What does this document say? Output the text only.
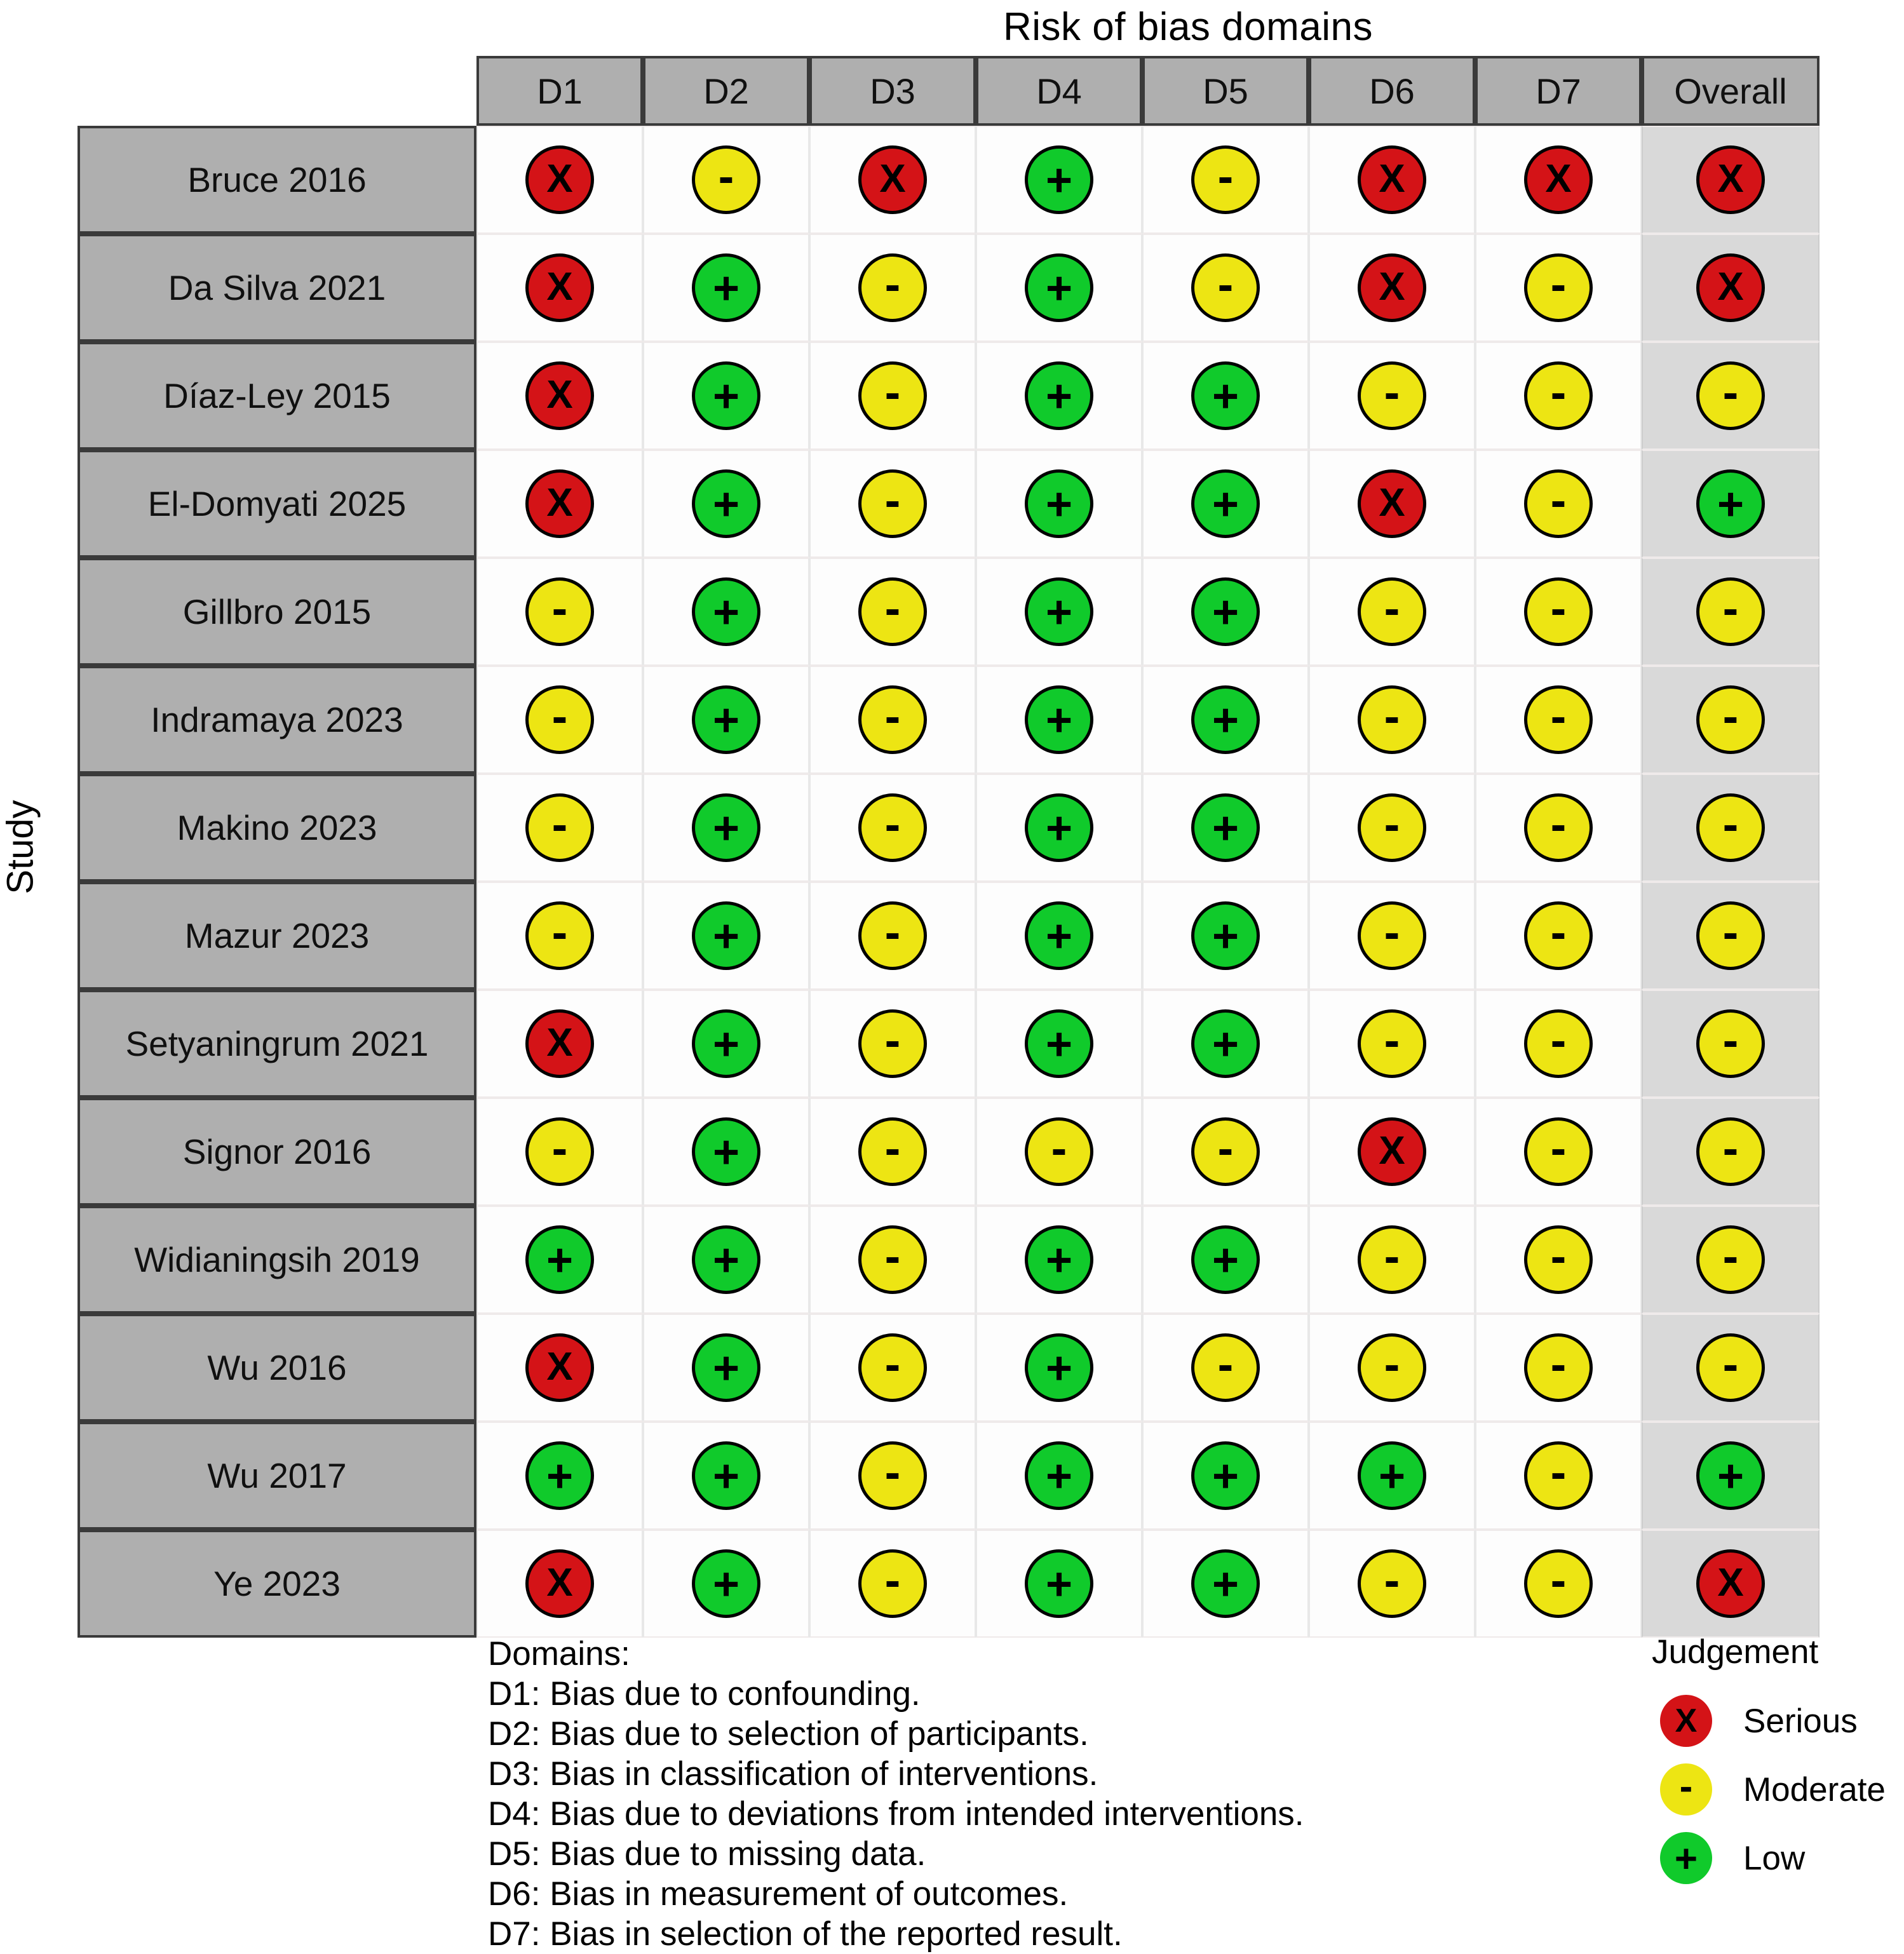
Risk of bias domains
Study
	D1	D2	D3	D4	D5	D6	D7	Overall
Bruce 2016	X	-	X	+	-	X	X	X

Da Silva 2021	X	+	-	+	-	X	-	X

Díaz-Ley 2015	X	+	-	+	+	-	-	-

El-Domyati 2025	X	+	-	+	+	X	-	+

Gillbro 2015	-	+	-	+	+	-	-	-

Indramaya 2023	-	+	-	+	+	-	-	-

Makino 2023	-	+	-	+	+	-	-	-

Mazur 2023	-	+	-	+	+	-	-	-

Setyaningrum 2021	X	+	-	+	+	-	-	-

Signor 2016	-	+	-	-	-	X	-	-

Widianingsih 2019	+	+	-	+	+	-	-	-

Wu 2016	X	+	-	+	-	-	-	-

Wu 2017	+	+	-	+	+	+	-	+

Ye 2023	X	+	-	+	+	-	-	X
Domains:
D1: Bias due to confounding.
D2: Bias due to selection of participants.
D3: Bias in classification of interventions.
D4: Bias due to deviations from intended interventions.
D5: Bias due to missing data.
D6: Bias in measurement of outcomes.
D7: Bias in selection of the reported result.
Judgement
X	Serious
-	Moderate
+	Low
